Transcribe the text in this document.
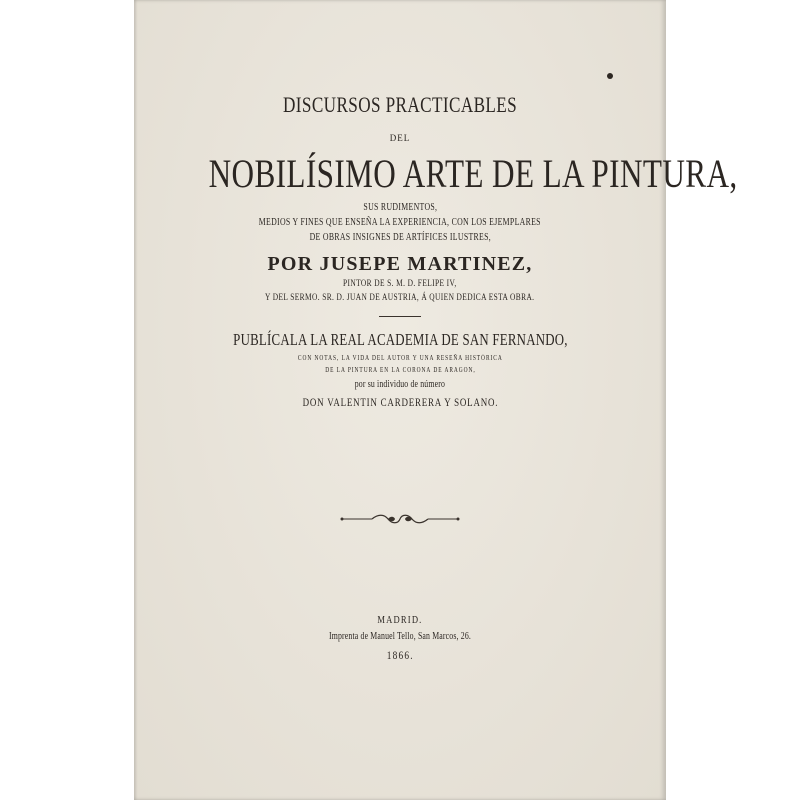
DISCURSOS PRACTICABLES
DEL
NOBILÍSIMO ARTE DE LA PINTURA,
SUS RUDIMENTOS,
MEDIOS Y FINES QUE ENSEÑA LA EXPERIENCIA, CON LOS EJEMPLARES
DE OBRAS INSIGNES DE ARTÍFICES ILUSTRES,
POR JUSEPE MARTINEZ,
PINTOR DE S. M. D. FELIPE IV,
Y DEL SERMO. SR. D. JUAN DE AUSTRIA, Á QUIEN DEDICA ESTA OBRA.
PUBLÍCALA LA REAL ACADEMIA DE SAN FERNANDO,
CON NOTAS, LA VIDA DEL AUTOR Y UNA RESEÑA HISTÓRICA
DE LA PINTURA EN LA CORONA DE ARAGON,
por su individuo de número
DON VALENTIN CARDERERA Y SOLANO.
MADRID.
Imprenta de Manuel Tello, San Marcos, 26.
1866.
